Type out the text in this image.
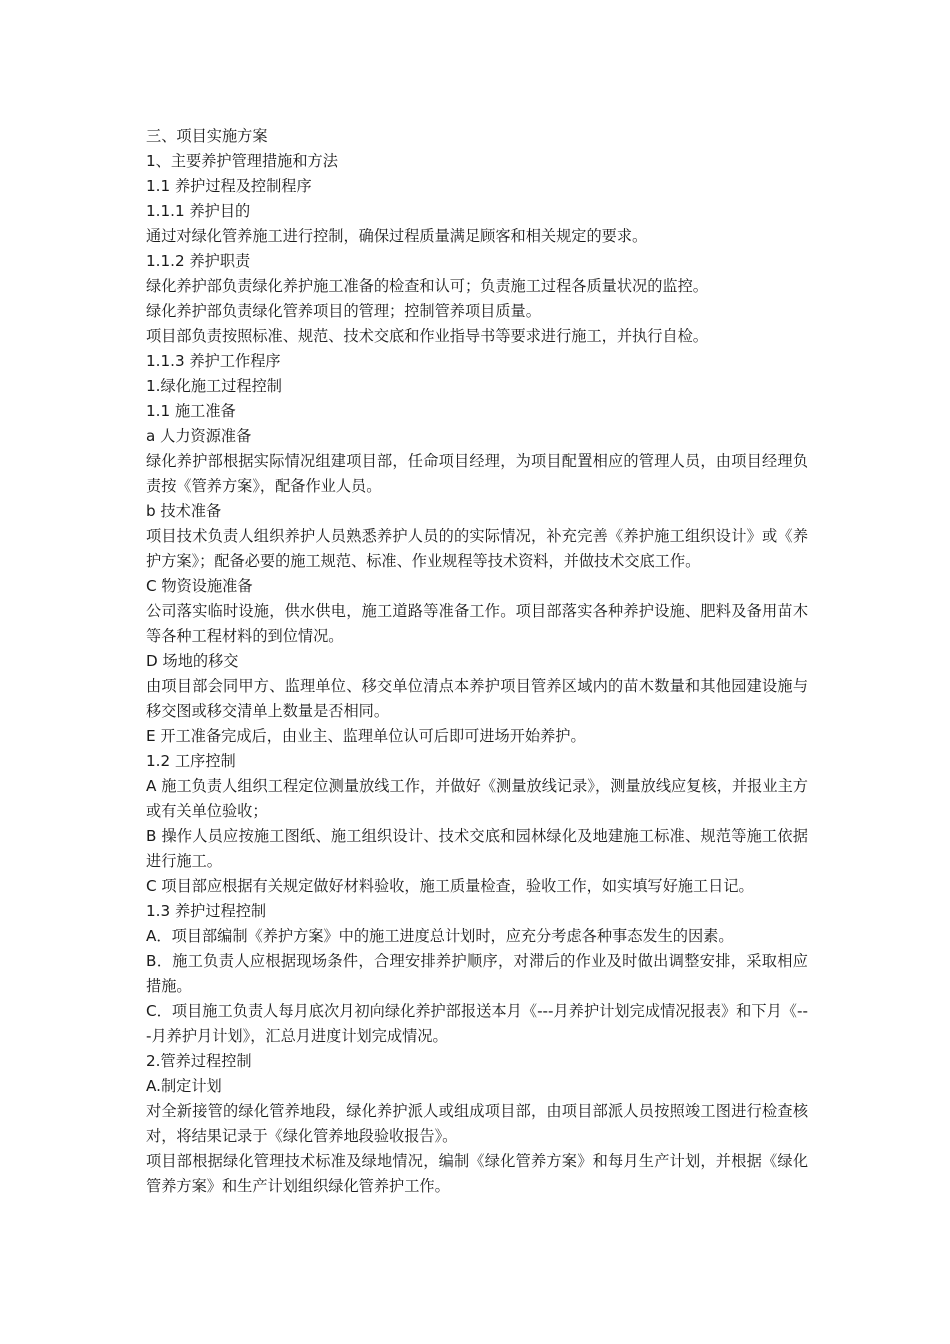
三、项目实施方案

1、主要养护管理措施和方法

1.1 养护过程及控制程序

1.1.1 养护目的

通过对绿化管养施工进行控制，确保过程质量满足顾客和相关规定的要求。

1.1.2 养护职责

绿化养护部负责绿化养护施工准备的检查和认可；负责施工过程各质量状况的监控。

绿化养护部负责绿化管养项目的管理；控制管养项目质量。

项目部负责按照标准、规范、技术交底和作业指导书等要求进行施工，并执行自检。

1.1.3 养护工作程序

1.绿化施工过程控制

1.1 施工准备

a 人力资源准备

绿化养护部根据实际情况组建项目部，任命项目经理，为项目配置相应的管理人员，由项目经理负责按《管养方案》，配备作业人员。

b 技术准备

项目技术负责人组织养护人员熟悉养护人员的的实际情况，补充完善《养护施工组织设计》或《养护方案》；配备必要的施工规范、标准、作业规程等技术资料，并做技术交底工作。

C 物资设施准备

公司落实临时设施，供水供电，施工道路等准备工作。项目部落实各种养护设施、肥料及备用苗木等各种工程材料的到位情况。

D 场地的移交

由项目部会同甲方、监理单位、移交单位清点本养护项目管养区域内的苗木数量和其他园建设施与移交图或移交清单上数量是否相同。

E 开工准备完成后，由业主、监理单位认可后即可进场开始养护。

1.2 工序控制

A 施工负责人组织工程定位测量放线工作，并做好《测量放线记录》，测量放线应复核，并报业主方或有关单位验收；

B 操作人员应按施工图纸、施工组织设计、技术交底和园林绿化及地建施工标准、规范等施工依据进行施工。

C 项目部应根据有关规定做好材料验收，施工质量检查，验收工作，如实填写好施工日记。

1.3 养护过程控制

A．项目部编制《养护方案》中的施工进度总计划时，应充分考虑各种事态发生的因素。

B．施工负责人应根据现场条件，合理安排养护顺序，对滞后的作业及时做出调整安排，采取相应措施。

C．项目施工负责人每月底次月初向绿化养护部报送本月《---月养护计划完成情况报表》和下月《---月养护月计划》，汇总月进度计划完成情况。

2.管养过程控制

A.制定计划

对全新接管的绿化管养地段，绿化养护派人或组成项目部，由项目部派人员按照竣工图进行检查核对，将结果记录于《绿化管养地段验收报告》。

项目部根据绿化管理技术标准及绿地情况，编制《绿化管养方案》和每月生产计划，并根据《绿化管养方案》和生产计划组织绿化管养护工作。
